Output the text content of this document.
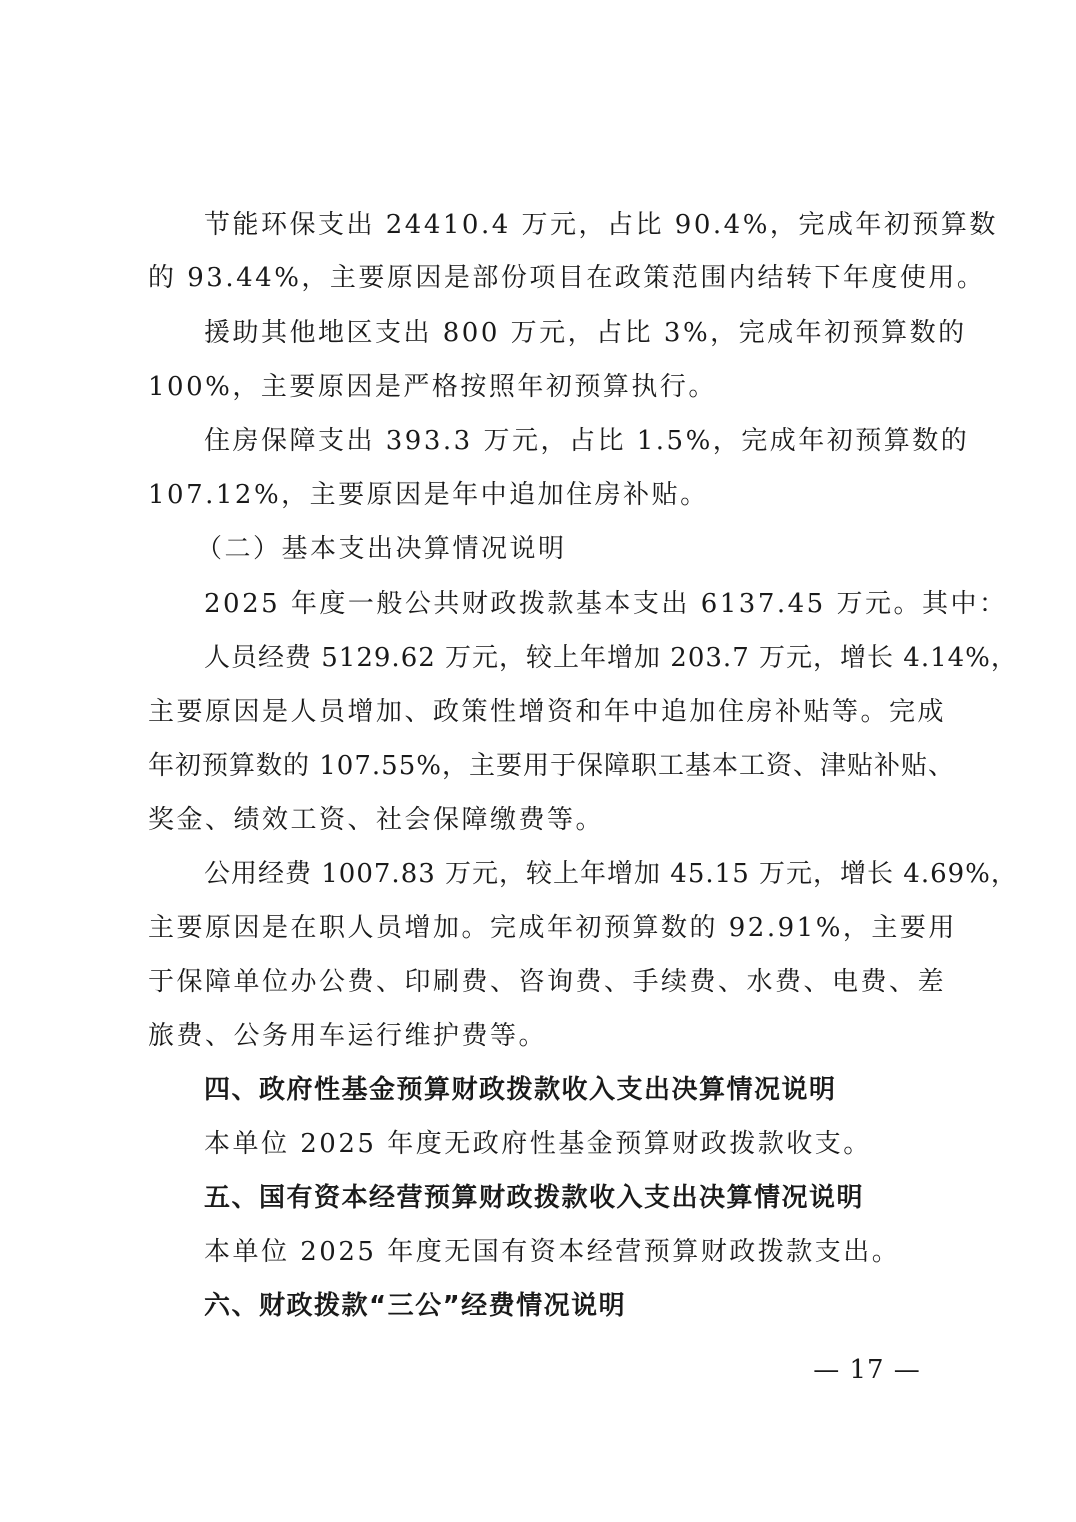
节能环保支出 24410.4 万元，占比 90.4%，完成年初预算数
的 93.44%，主要原因是部份项目在政策范围内结转下年度使用。
援助其他地区支出 800 万元，占比 3%，完成年初预算数的
100%，主要原因是严格按照年初预算执行。
住房保障支出 393.3 万元，占比 1.5%，完成年初预算数的
107.12%，主要原因是年中追加住房补贴。
（二）基本支出决算情况说明
2025 年度一般公共财政拨款基本支出 6137.45 万元。其中：
人员经费 5129.62 万元，较上年增加 203.7 万元，增长 4.14%，
主要原因是人员增加、政策性增资和年中追加住房补贴等。完成
年初预算数的 107.55%，主要用于保障职工基本工资、津贴补贴、
奖金、绩效工资、社会保障缴费等。
公用经费 1007.83 万元，较上年增加 45.15 万元，增长 4.69%，
主要原因是在职人员增加。完成年初预算数的 92.91%，主要用
于保障单位办公费、印刷费、咨询费、手续费、水费、电费、差
旅费、公务用车运行维护费等。
四、政府性基金预算财政拨款收入支出决算情况说明
本单位 2025 年度无政府性基金预算财政拨款收支。
五、国有资本经营预算财政拨款收入支出决算情况说明
本单位 2025 年度无国有资本经营预算财政拨款支出。
六、财政拨款“三公”经费情况说明
— 17 —
